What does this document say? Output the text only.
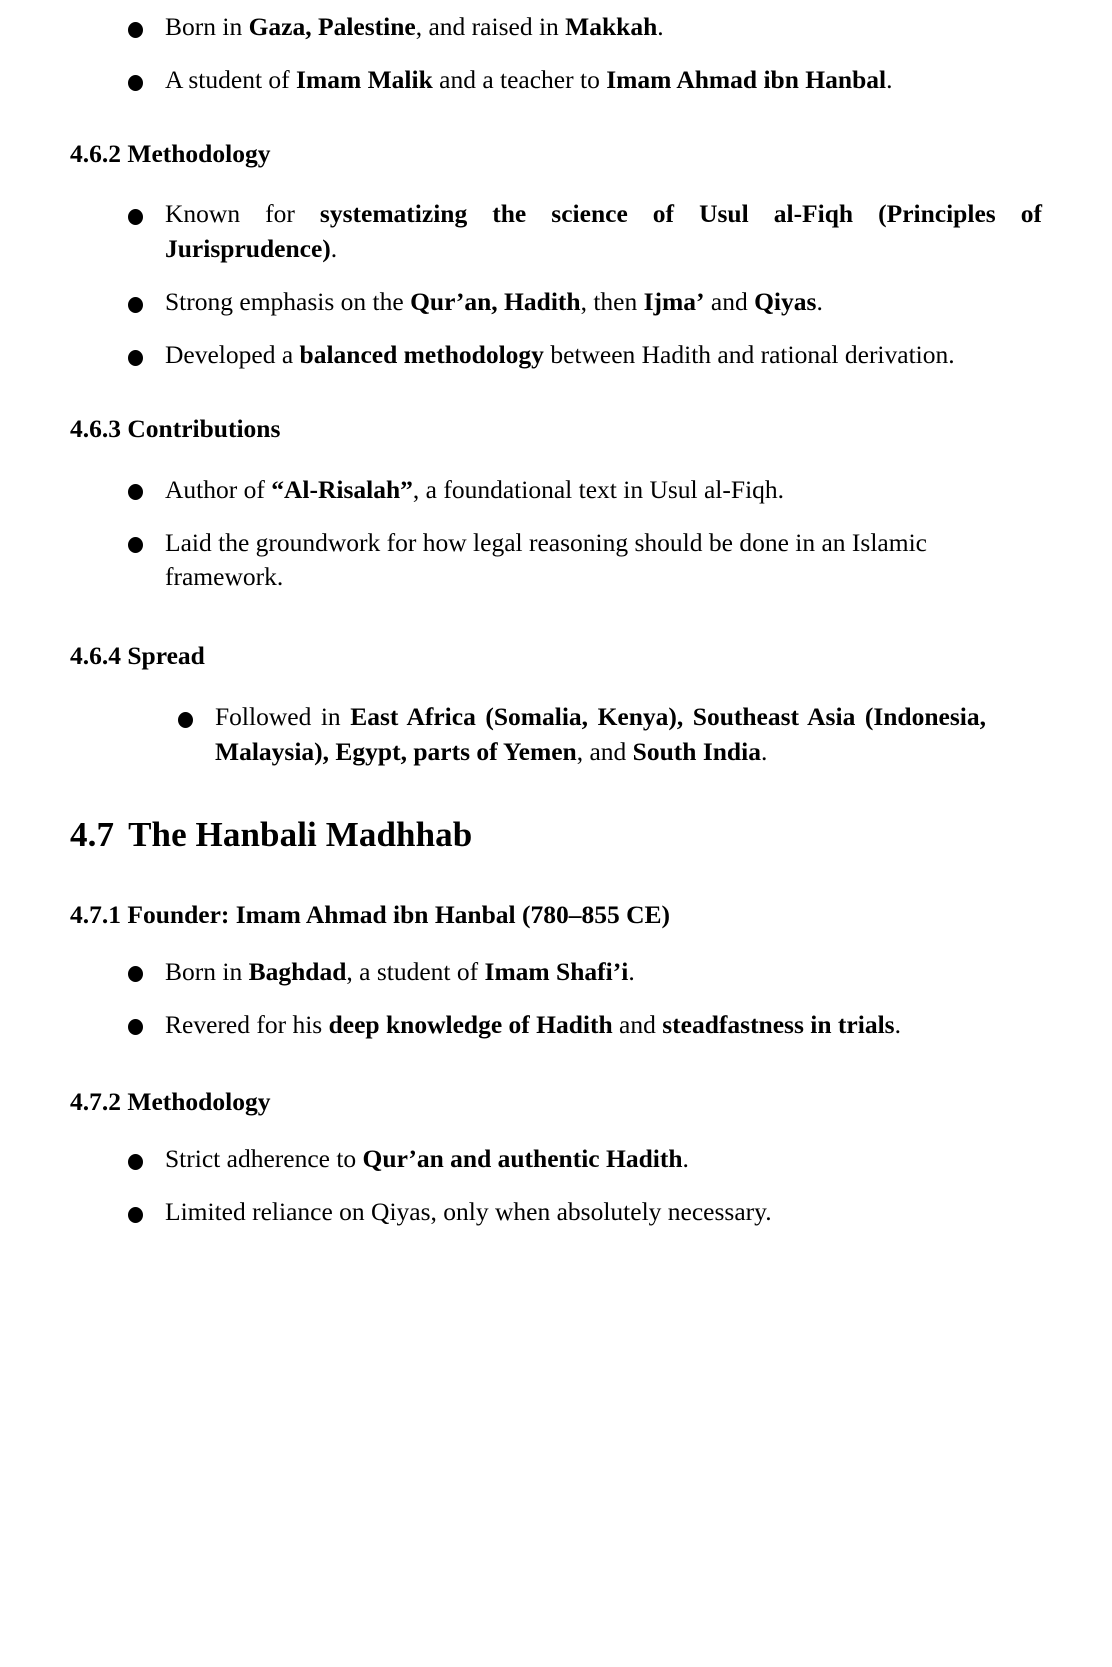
Born in Gaza, Palestine, and raised in Makkah.
A student of Imam Malik and a teacher to Imam Ahmad ibn Hanbal.
4.6.2 Methodology
Known for systematizing the science of Usul al-Fiqh (Principles of Jurisprudence).
Strong emphasis on the Qur’an, Hadith, then Ijma’ and Qiyas.
Developed a balanced methodology between Hadith and rational derivation.
4.6.3 Contributions
Author of “Al-Risalah”, a foundational text in Usul al-Fiqh.
Laid the groundwork for how legal reasoning should be done in an Islamic framework.
4.6.4 Spread
Followed in East Africa (Somalia, Kenya), Southeast Asia (Indonesia, Malaysia), Egypt, parts of Yemen, and South India.
4.7 The Hanbali Madhhab
4.7.1 Founder: Imam Ahmad ibn Hanbal (780–855 CE)
Born in Baghdad, a student of Imam Shafi’i.
Revered for his deep knowledge of Hadith and steadfastness in trials.
4.7.2 Methodology
Strict adherence to Qur’an and authentic Hadith.
Limited reliance on Qiyas, only when absolutely necessary.
